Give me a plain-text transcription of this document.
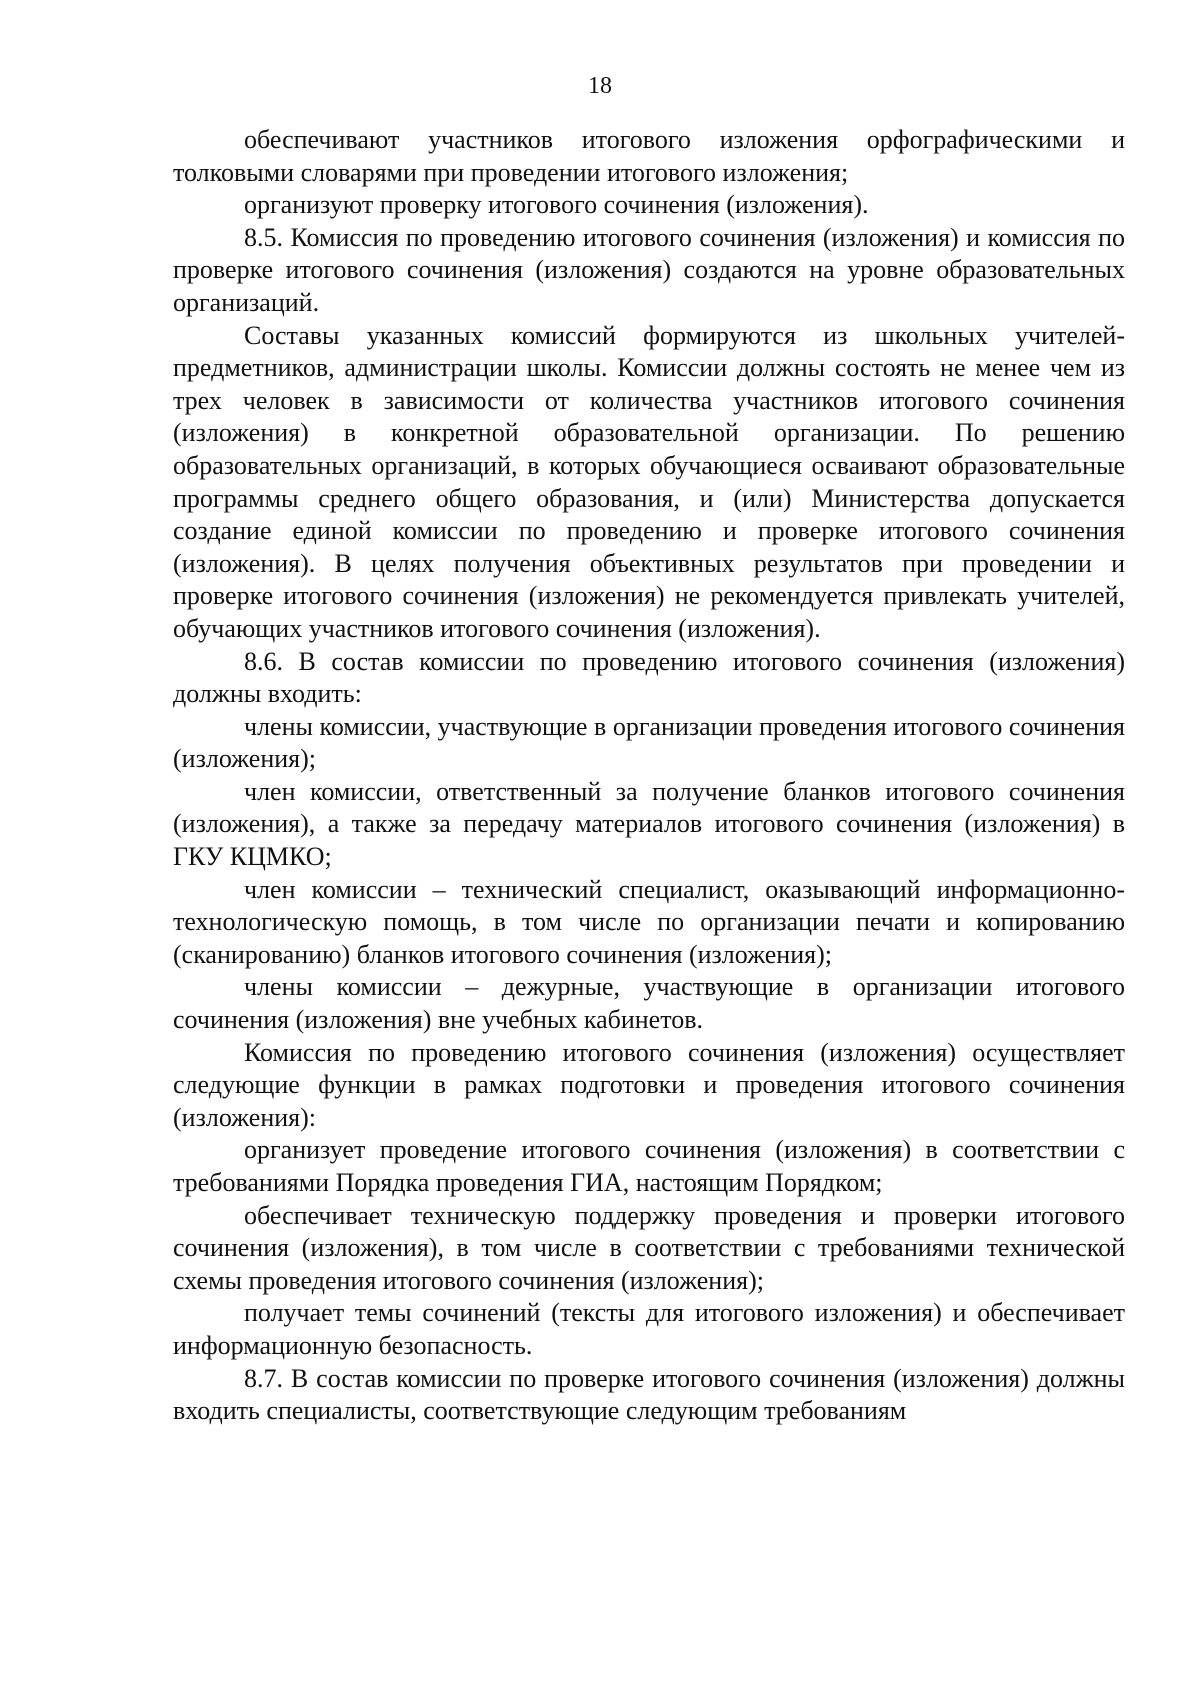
18

обеспечивают участников итогового изложения орфографическими и толковыми словарями при проведении итогового изложения;

организуют проверку итогового сочинения (изложения).

8.5. Комиссия по проведению итогового сочинения (изложения) и комиссия по проверке итогового сочинения (изложения) создаются на уровне образовательных организаций.

Составы указанных комиссий формируются из школьных учителей-предметников, администрации школы. Комиссии должны состоять не менее чем из трех человек в зависимости от количества участников итогового сочинения (изложения) в конкретной образовательной организации. По решению образовательных организаций, в которых обучающиеся осваивают образовательные программы среднего общего образования, и (или) Министерства допускается создание единой комиссии по проведению и проверке итогового сочинения (изложения). В целях получения объективных результатов при проведении и проверке итогового сочинения (изложения) не рекомендуется привлекать учителей, обучающих участников итогового сочинения (изложения).

8.6. В состав комиссии по проведению итогового сочинения (изложения) должны входить:

члены комиссии, участвующие в организации проведения итогового сочинения (изложения);

член комиссии, ответственный за получение бланков итогового сочинения (изложения), а также за передачу материалов итогового сочинения (изложения) в ГКУ КЦМКО;

член комиссии – технический специалист, оказывающий информационно-технологическую помощь, в том числе по организации печати и копированию (сканированию) бланков итогового сочинения (изложения);

члены комиссии – дежурные, участвующие в организации итогового сочинения (изложения) вне учебных кабинетов.

Комиссия по проведению итогового сочинения (изложения) осуществляет следующие функции в рамках подготовки и проведения итогового сочинения (изложения):

организует проведение итогового сочинения (изложения) в соответствии с требованиями Порядка проведения ГИА, настоящим Порядком;

обеспечивает техническую поддержку проведения и проверки итогового сочинения (изложения), в том числе в соответствии с требованиями технической схемы проведения итогового сочинения (изложения);

получает темы сочинений (тексты для итогового изложения) и обеспечивает информационную безопасность.

8.7. В состав комиссии по проверке итогового сочинения (изложения) должны входить специалисты, соответствующие следующим требованиям
